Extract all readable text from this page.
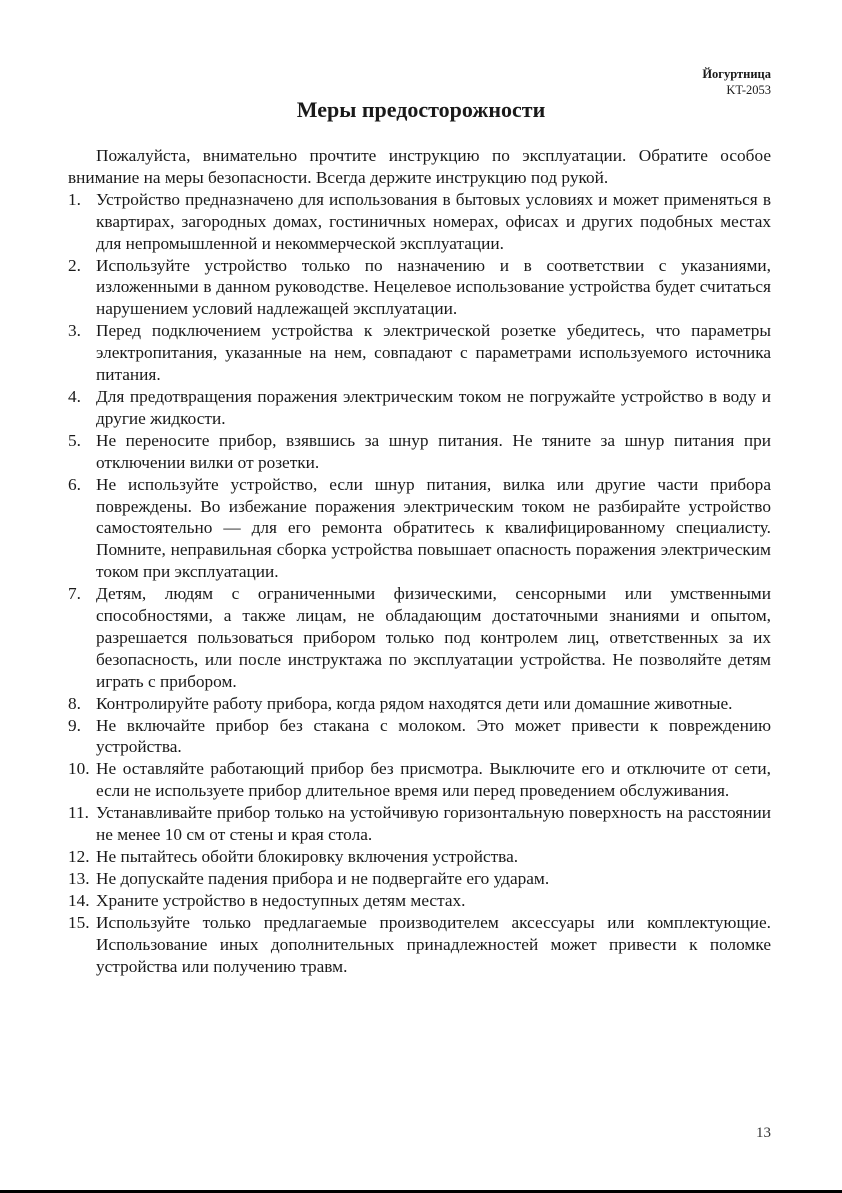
Йогуртница
KT-2053
Меры предосторожности

Пожалуйста, внимательно прочтите инструкцию по эксплуатации. Обратите особое внимание на меры безопасности. Всегда держите инструкцию под рукой.

1. Устройство предназначено для использования в бытовых условиях и может применяться в квартирах, загородных домах, гостиничных номерах, офисах и других подобных местах для непромышленной и некоммерческой эксплуатации.
2. Используйте устройство только по назначению и в соответствии с указаниями, изложенными в данном руководстве. Нецелевое использование устройства будет считаться нарушением условий надлежащей эксплуатации.
3. Перед подключением устройства к электрической розетке убедитесь, что параметры электропитания, указанные на нем, совпадают с параметрами используемого источника питания.
4. Для предотвращения поражения электрическим током не погружайте устройство в воду и другие жидкости.
5. Не переносите прибор, взявшись за шнур питания. Не тяните за шнур питания при отключении вилки от розетки.
6. Не используйте устройство, если шнур питания, вилка или другие части прибора повреждены. Во избежание поражения электрическим током не разбирайте устройство самостоятельно — для его ремонта обратитесь к квалифицированному специалисту. Помните, неправильная сборка устройства повышает опасность поражения электрическим током при эксплуатации.
7. Детям, людям с ограниченными физическими, сенсорными или умственными способностями, а также лицам, не обладающим достаточными знаниями и опытом, разрешается пользоваться прибором только под контролем лиц, ответственных за их безопасность, или после инструктажа по эксплуатации устройства. Не позволяйте детям играть с прибором.
8. Контролируйте работу прибора, когда рядом находятся дети или домашние животные.
9. Не включайте прибор без стакана с молоком. Это может привести к повреждению устройства.
10. Не оставляйте работающий прибор без присмотра. Выключите его и отключите от сети, если не используете прибор длительное время или перед проведением обслуживания.
11. Устанавливайте прибор только на устойчивую горизонтальную поверхность на расстоянии не менее 10 см от стены и края стола.
12. Не пытайтесь обойти блокировку включения устройства.
13. Не допускайте падения прибора и не подвергайте его ударам.
14. Храните устройство в недоступных детям местах.
15. Используйте только предлагаемые производителем аксессуары или комплектующие. Использование иных дополнительных принадлежностей может привести к поломке устройства или получению травм.
13
